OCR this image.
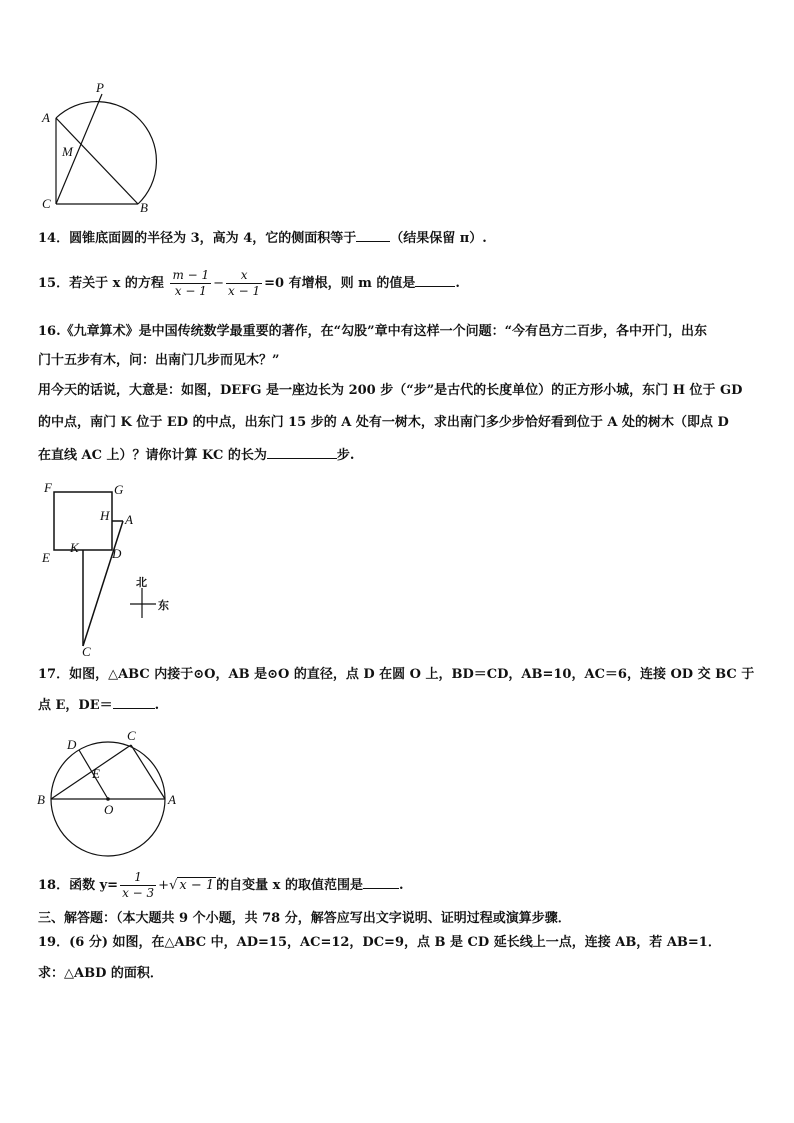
A
P
M
C	B
14．圆锥底面圆的半径为 3，高为 4，它的侧面积等于	（结果保留 π）.
15．若关于 x 的方程 $\frac{m - 1}{x - 1} - \frac{x}{x - 1} =0$ 有增根，则 m 的值是	.
16.《九章算术》是中国传统数学最重要的著作，在“勾股”章中有这样一个问题：“今有邑方二百步，各中开门，出东
门十五步有木，问：出南门几步而见木？”
用今天的话说，大意是：如图，DEFG 是一座边长为 200 步（“步”是古代的长度单位）的正方形小城，东门 H 位于 GD
的中点，南门 K 位于 ED 的中点，出东门 15 步的 A 处有一树木，求出南门多少步恰好看到位于 A 处的树木（即点 D
在直线 AC 上）？请你计算 KC 的长为	步.
F	G
H A
E
K	D
C
北
东
17．如图，△ABC 内接于⊙O，AB 是⊙O 的直径，点 D 在圆 O 上，BD＝CD，AB=10，AC＝6，连接 OD 交 BC 于
点 E，DE＝	.
D
C
E
B
O
A
18．函数 $y= \frac{1}{x - 3}$ +√ x − 1 的自变量 x 的取值范围是	.
三、解答题：（本大题共 9 个小题，共 78 分，解答应写出文字说明、证明过程或演算步骤．
19．(6 分) 如图，在△ABC 中，AD=15，AC=12，DC=9，点 B 是 CD 延长线上一点，连接 AB，若 AB=1．
求：△ABD 的面积．
